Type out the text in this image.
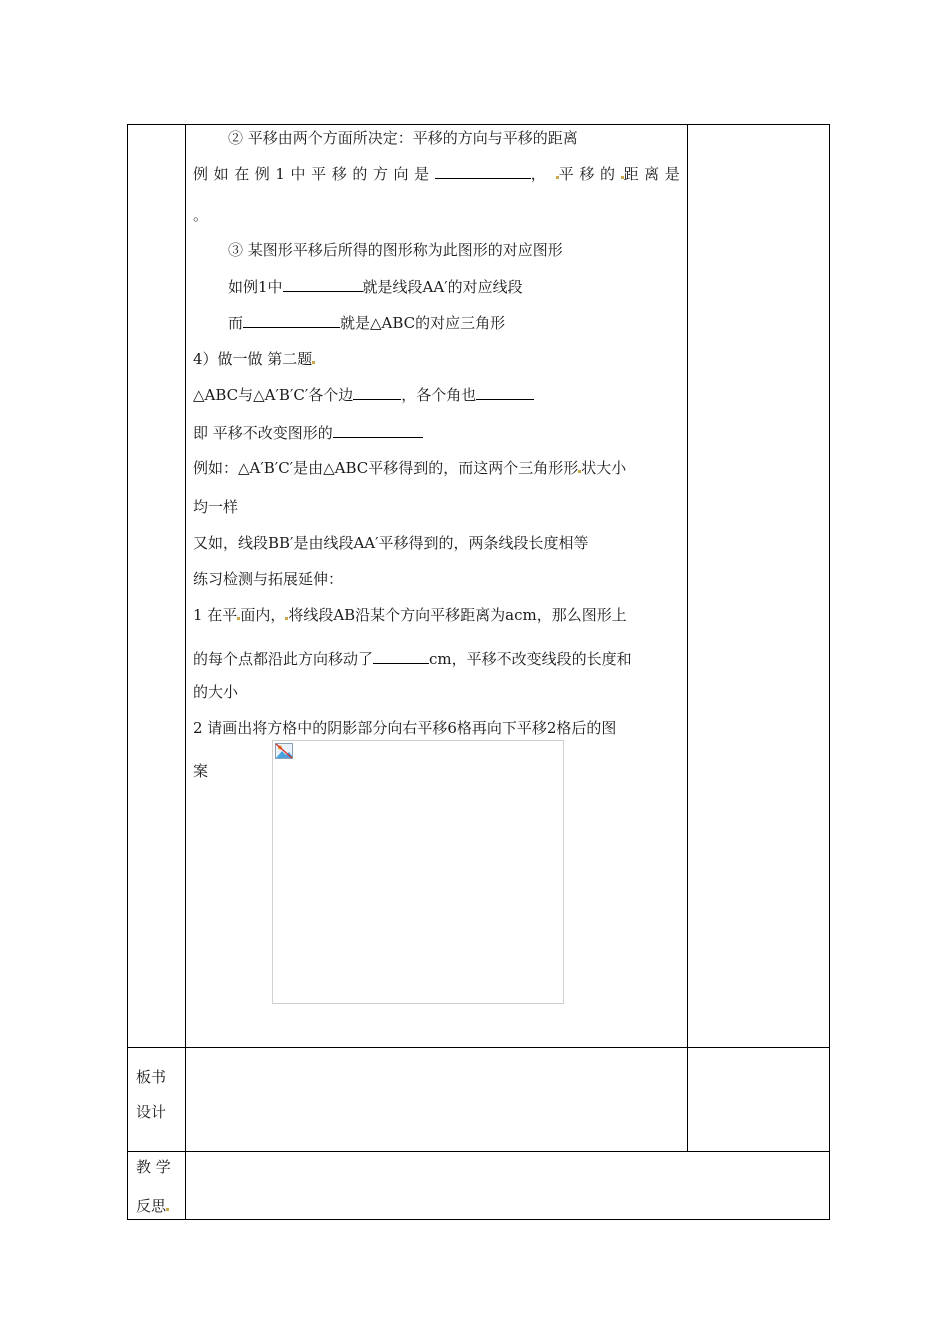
② 平移由两个方面所决定：平移的方向与平移的距离
例如在例1中平移的方向是	， 平移的 距离是
。
③ 某图形平移后所得的图形称为此图形的对应图形
如例1中	就是线段AA′的对应线段
而	就是△ABC的对应三角形
4）做一做 第二题
△ABC与△A′B′C′各个边	，各个角也
即 平移不改变图形的
例如：△A′B′C′是由△ABC平移得到的，而这两个三角形形 状大小
均一样
又如，线段BB′是由线段AA′平移得到的，两条线段长度相等
练习检测与拓展延伸：
1 在平 面内， 将线段AB沿某个方向平移距离为acm，那么图形上
的每个点都沿此方向移动了	cm，平移不改变线段的长度和
的大小
2 请画出将方格中的阴影部分向右平移6格再向下平移2格后的图
案
板书
设计
教 学
反思
